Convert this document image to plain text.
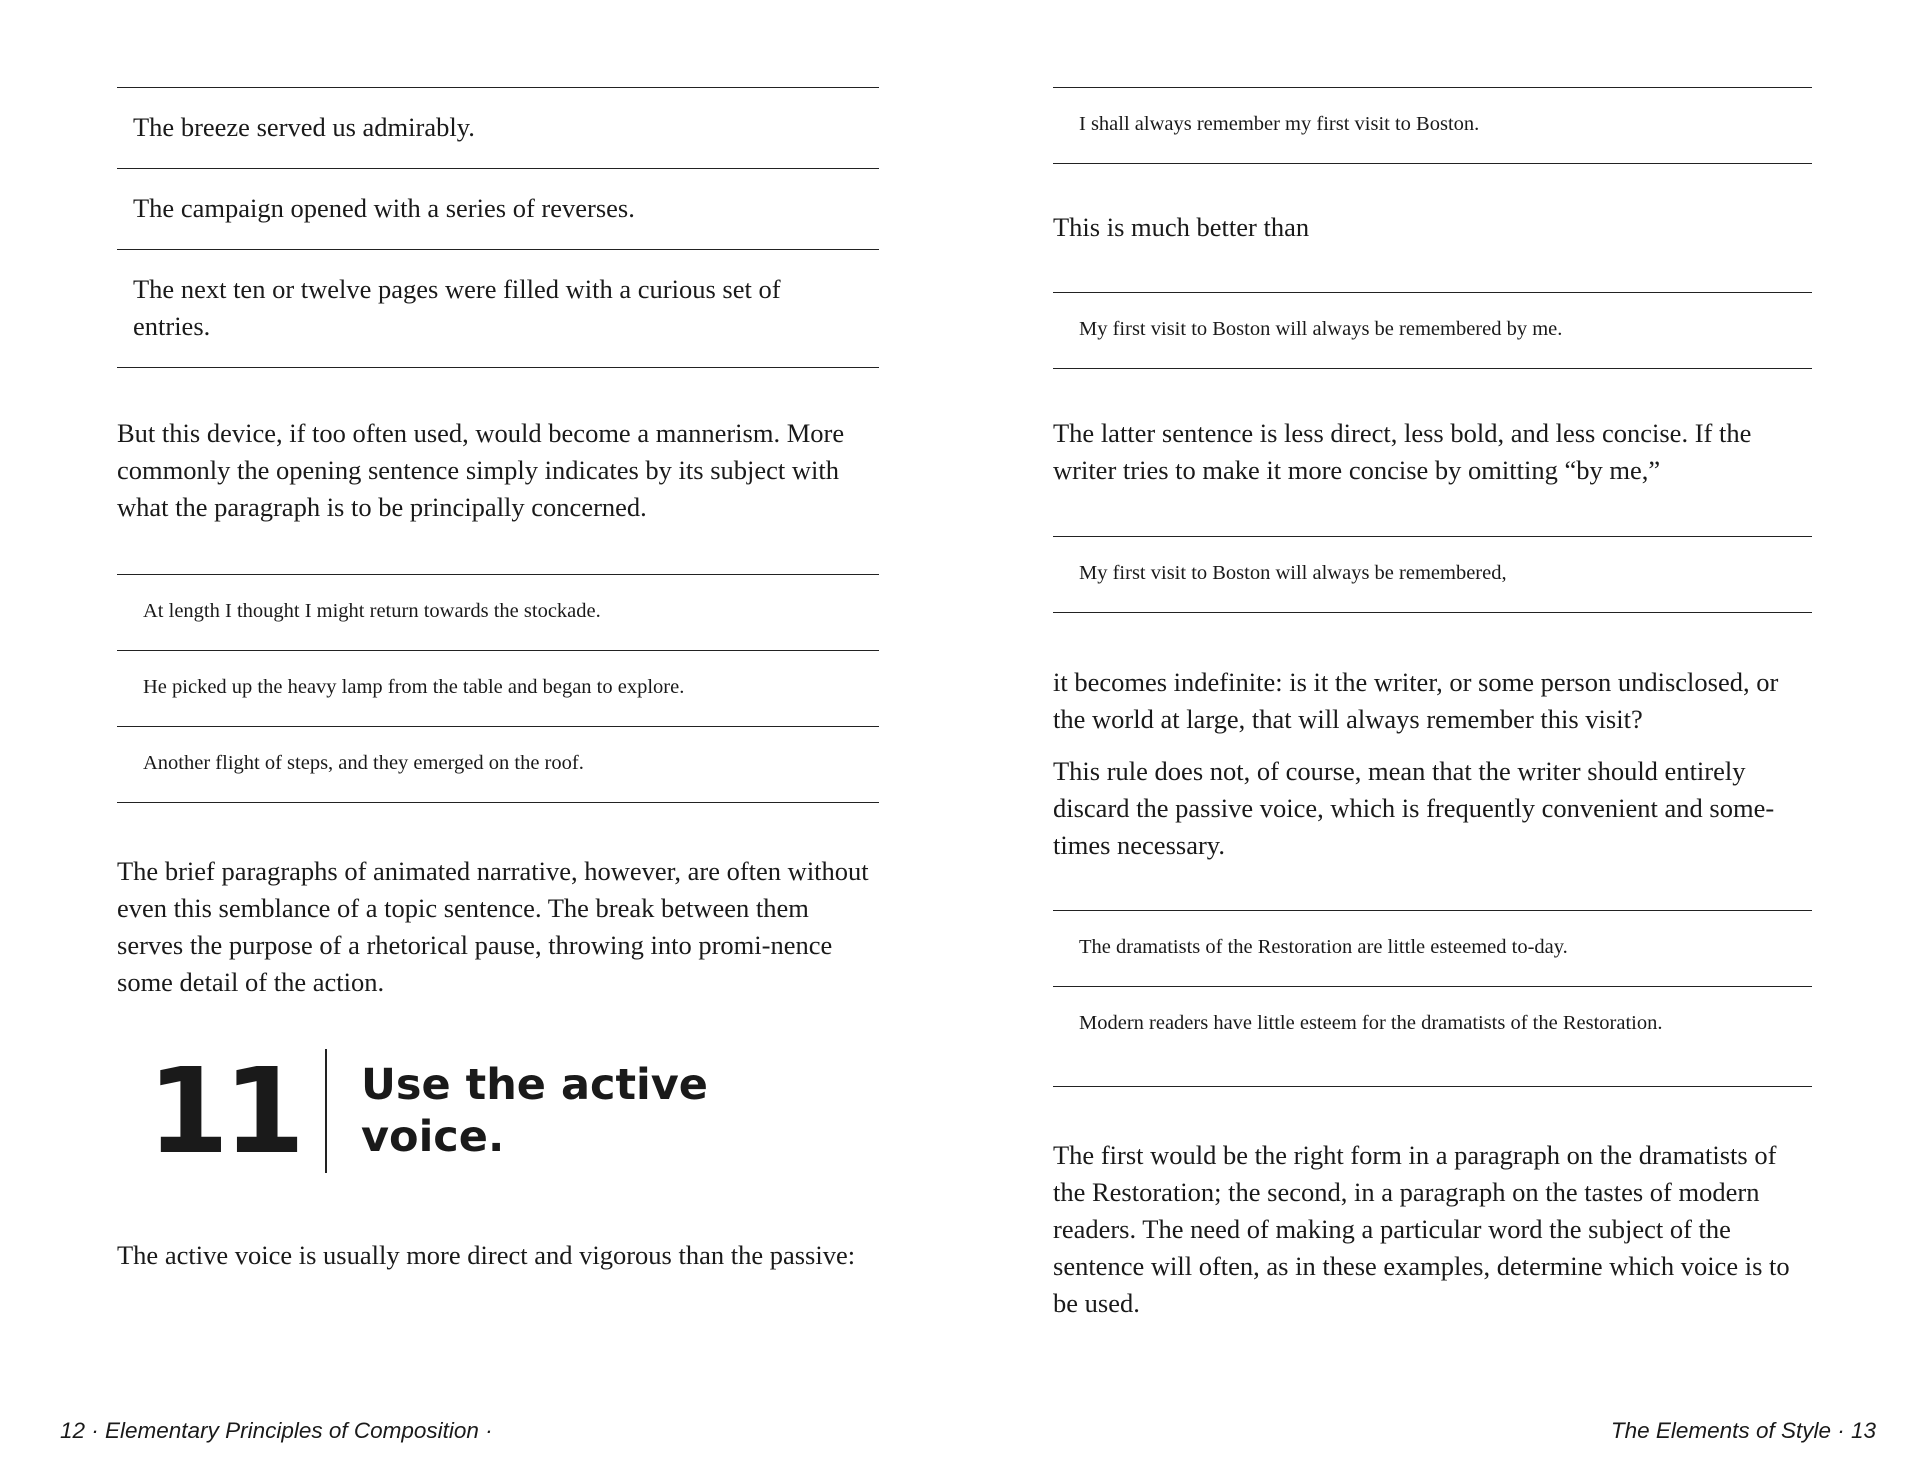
The breeze served us admirably.
The campaign opened with a series of reverses.
The next ten or twelve pages were filled with a curious set of entries.

But this device, if too often used, would become a mannerism. More commonly the opening sentence simply indicates by its subject with what the paragraph is to be principally concerned.

At length I thought I might return towards the stockade.
He picked up the heavy lamp from the table and began to explore.
Another flight of steps, and they emerged on the roof.

The brief paragraphs of animated narrative, however, are often without even this semblance of a topic sentence. The break between them serves the purpose of a rhetorical pause, throwing into promi-nence some detail of the action.

11	Use the active voice.

The active voice is usually more direct and vigorous than the passive:

I shall always remember my first visit to Boston.

This is much better than

My first visit to Boston will always be remembered by me.

The latter sentence is less direct, less bold, and less concise. If the writer tries to make it more concise by omitting “by me,”

My first visit to Boston will always be remembered,

it becomes indefinite: is it the writer, or some person undisclosed, or the world at large, that will always remember this visit?

This rule does not, of course, mean that the writer should entirely discard the passive voice, which is frequently convenient and some-times necessary.

The dramatists of the Restoration are little esteemed to-day.
Modern readers have little esteem for the dramatists of the Restoration.

The first would be the right form in a paragraph on the dramatists of the Restoration; the second, in a paragraph on the tastes of modern readers. The need of making a particular word the subject of the sentence will often, as in these examples, determine which voice is to be used.

12 · Elementary Principles of Composition ·	The Elements of Style · 13
